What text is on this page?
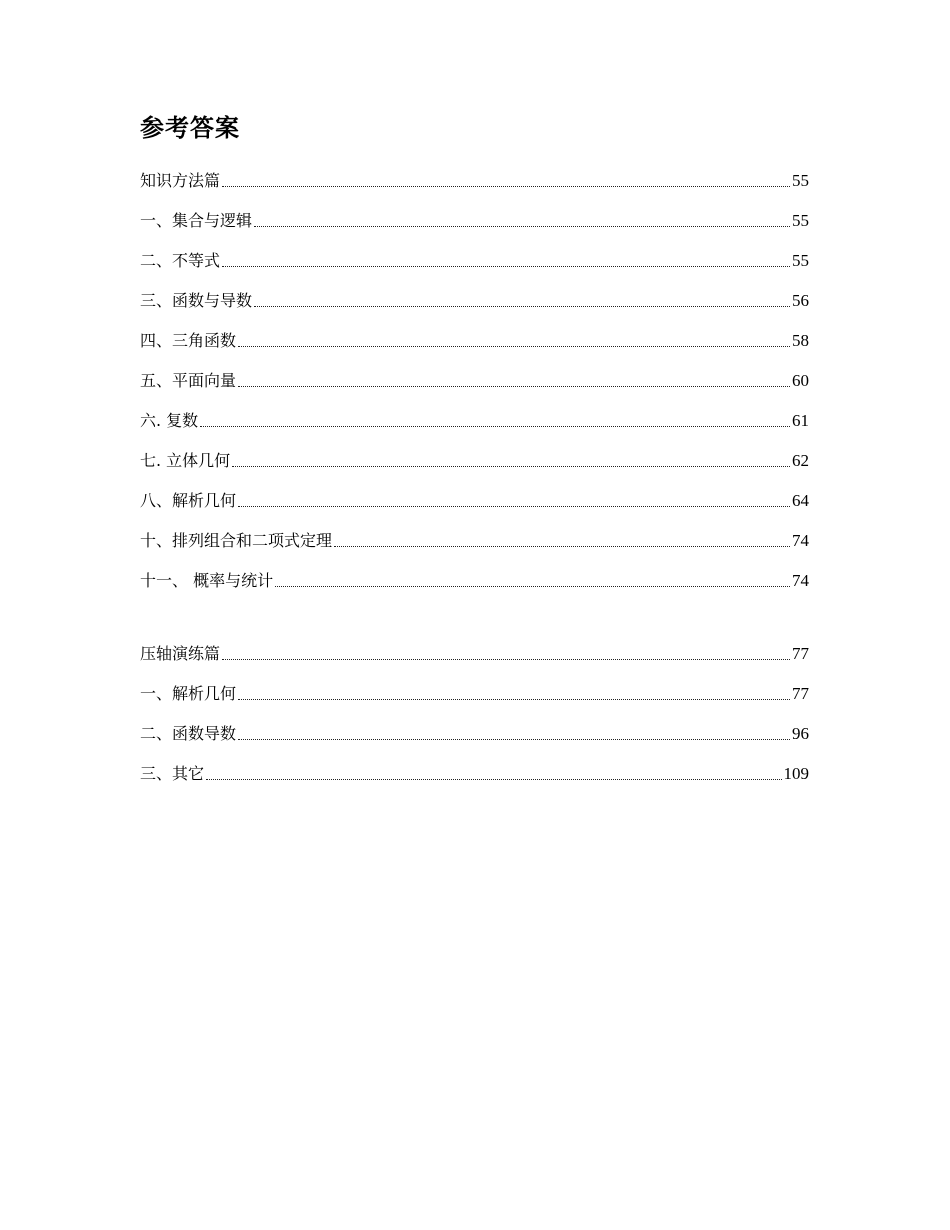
参考答案
知识方法篇	55
一、集合与逻辑	55
二、不等式	55
三、函数与导数	56
四、三角函数	58
五、平面向量	60
六. 复数	61
七. 立体几何	62
八、解析几何	64
十、排列组合和二项式定理	74
十一、 概率与统计	74
压轴演练篇	77
一、解析几何	77
二、函数导数	96
三、其它	109
